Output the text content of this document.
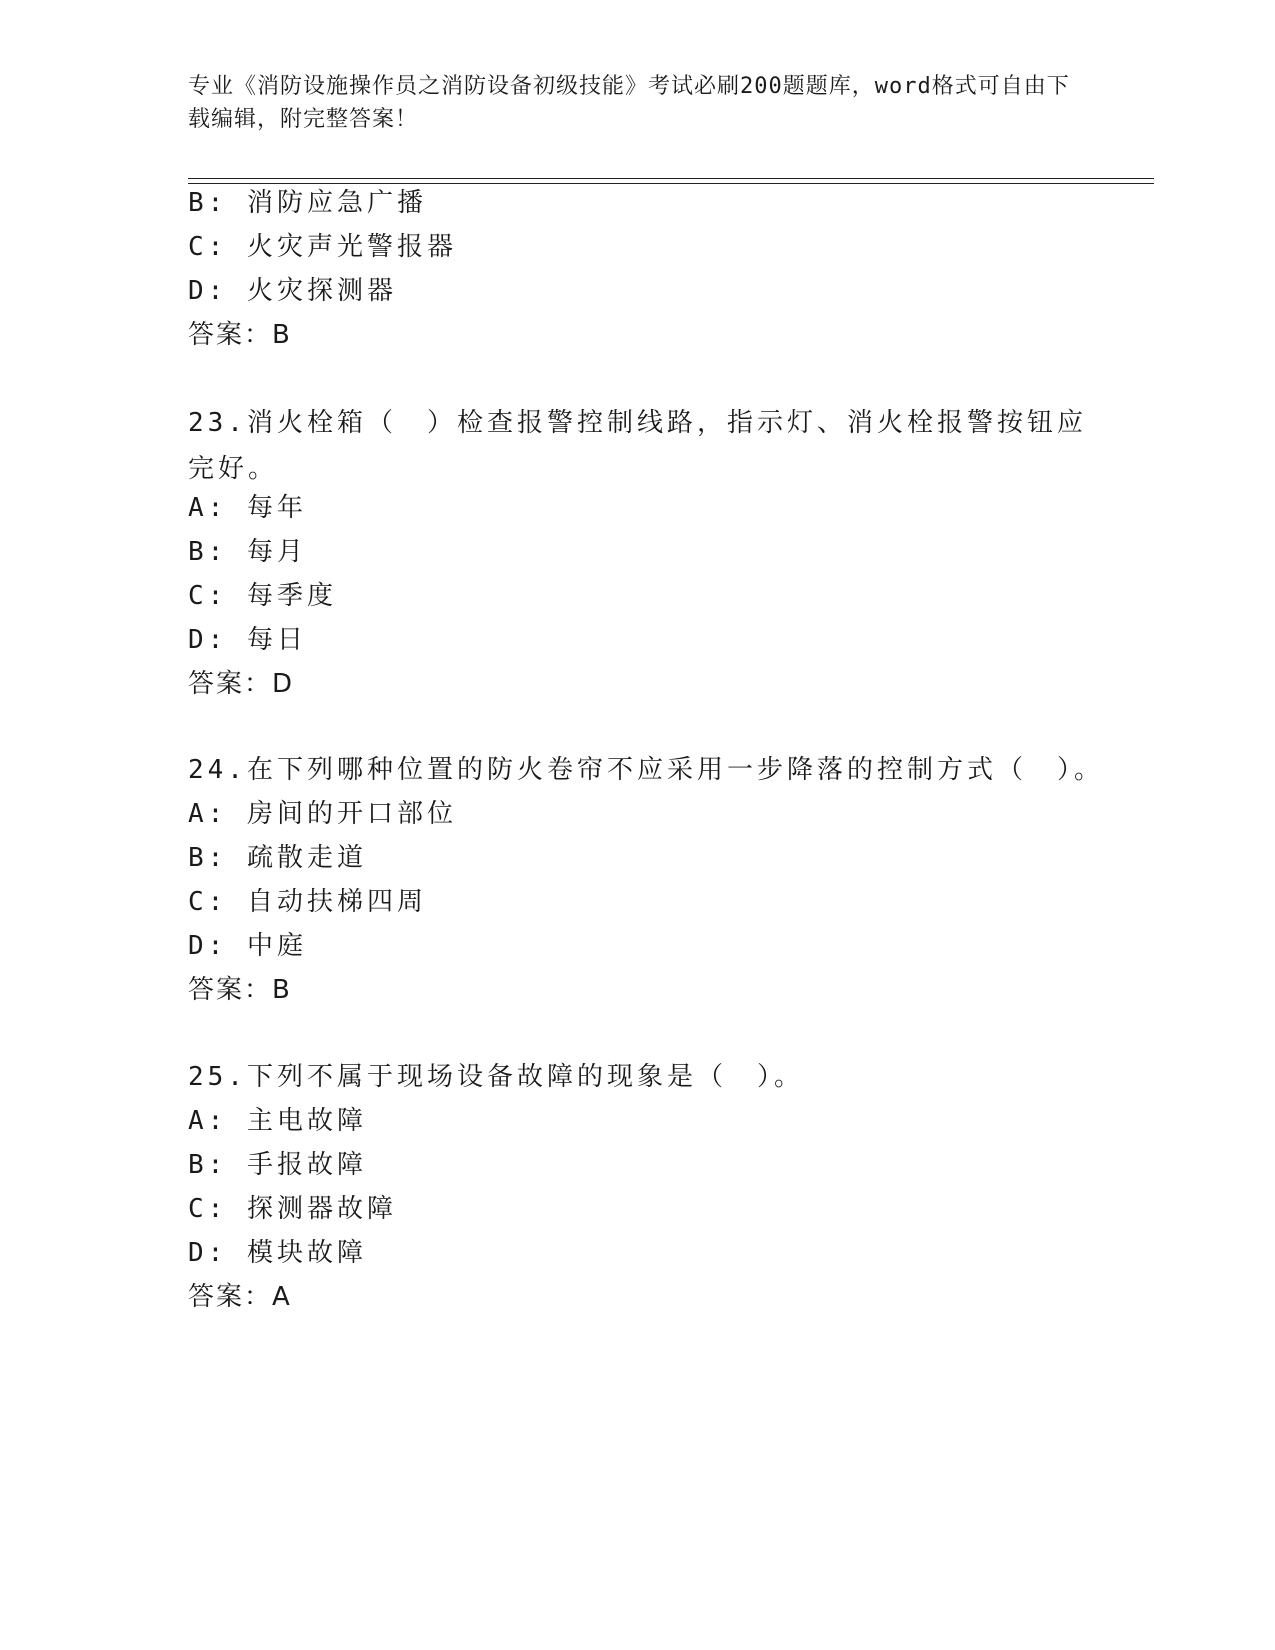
专业《消防设施操作员之消防设备初级技能》考试必刷200题题库，word格式可自由下载编辑，附完整答案！
B: 消防应急广播
C: 火灾声光警报器
D: 火灾探测器
答案：B
23.消火栓箱（　）检查报警控制线路，指示灯、消火栓报警按钮应完好。
A: 每年
B: 每月
C: 每季度
D: 每日
答案：D
24.在下列哪种位置的防火卷帘不应采用一步降落的控制方式（　）。
A: 房间的开口部位
B: 疏散走道
C: 自动扶梯四周
D: 中庭
答案：B
25.下列不属于现场设备故障的现象是（　）。
A: 主电故障
B: 手报故障
C: 探测器故障
D: 模块故障
答案：A
